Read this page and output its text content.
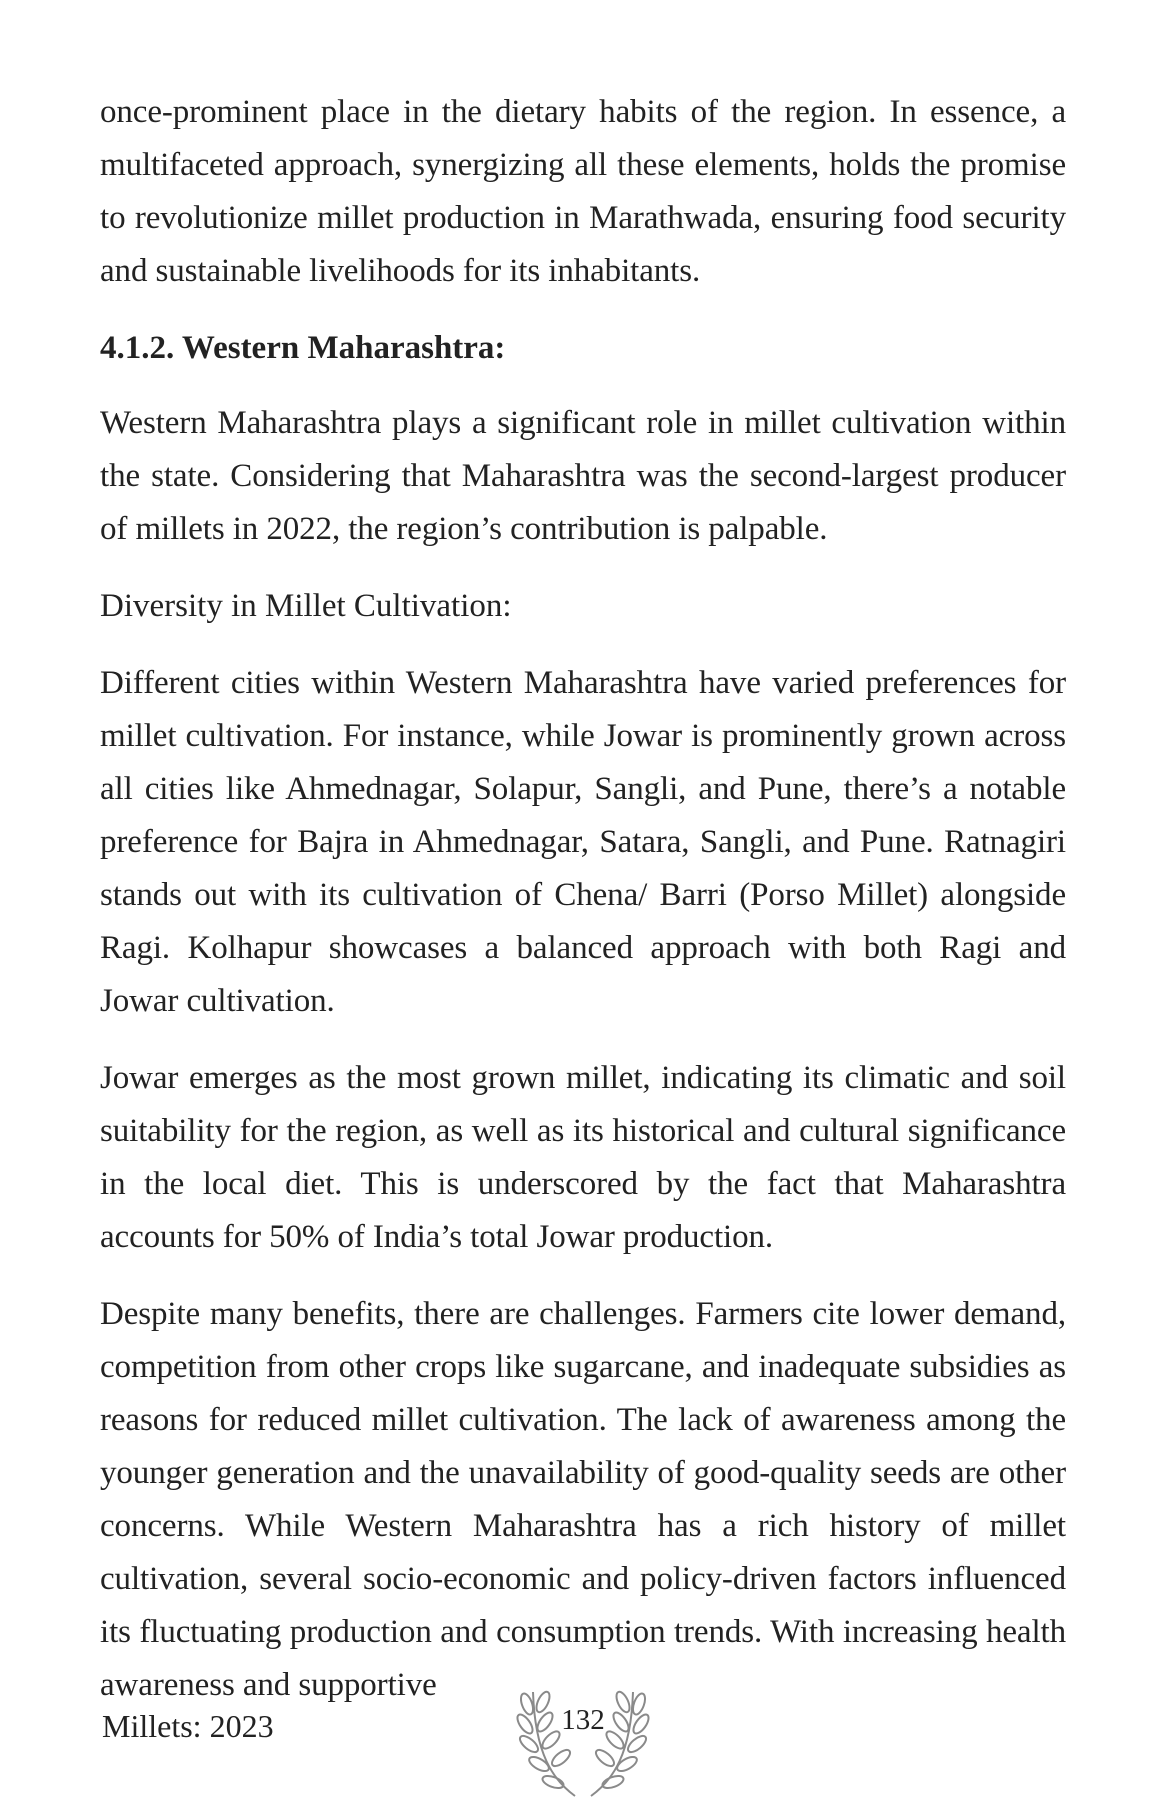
once-prominent place in the dietary habits of the region. In essence, a multifaceted approach, synergizing all these elements, holds the promise to revolutionize millet production in Marathwada, ensuring food security and sustainable livelihoods for its inhabitants.

4.1.2. Western Maharashtra:

Western Maharashtra plays a significant role in millet cultivation within the state. Considering that Maharashtra was the second-largest producer of millets in 2022, the region’s contribution is palpable.

Diversity in Millet Cultivation:

Different cities within Western Maharashtra have varied preferences for millet cultivation. For instance, while Jowar is prominently grown across all cities like Ahmednagar, Solapur, Sangli, and Pune, there’s a notable preference for Bajra in Ahmednagar, Satara, Sangli, and Pune. Ratnagiri stands out with its cultivation of Chena/ Barri (Porso Millet) alongside Ragi. Kolhapur showcases a balanced approach with both Ragi and Jowar cultivation.

Jowar emerges as the most grown millet, indicating its climatic and soil suitability for the region, as well as its historical and cultural significance in the local diet. This is underscored by the fact that Maharashtra accounts for 50% of India’s total Jowar production.

Despite many benefits, there are challenges. Farmers cite lower demand, competition from other crops like sugarcane, and inadequate subsidies as reasons for reduced millet cultivation. The lack of awareness among the younger generation and the unavailability of good-quality seeds are other concerns. While Western Maharashtra has a rich history of millet cultivation, several socio-economic and policy-driven factors influenced its fluctuating production and consumption trends. With increasing health awareness and supportive

Millets: 2023	132
